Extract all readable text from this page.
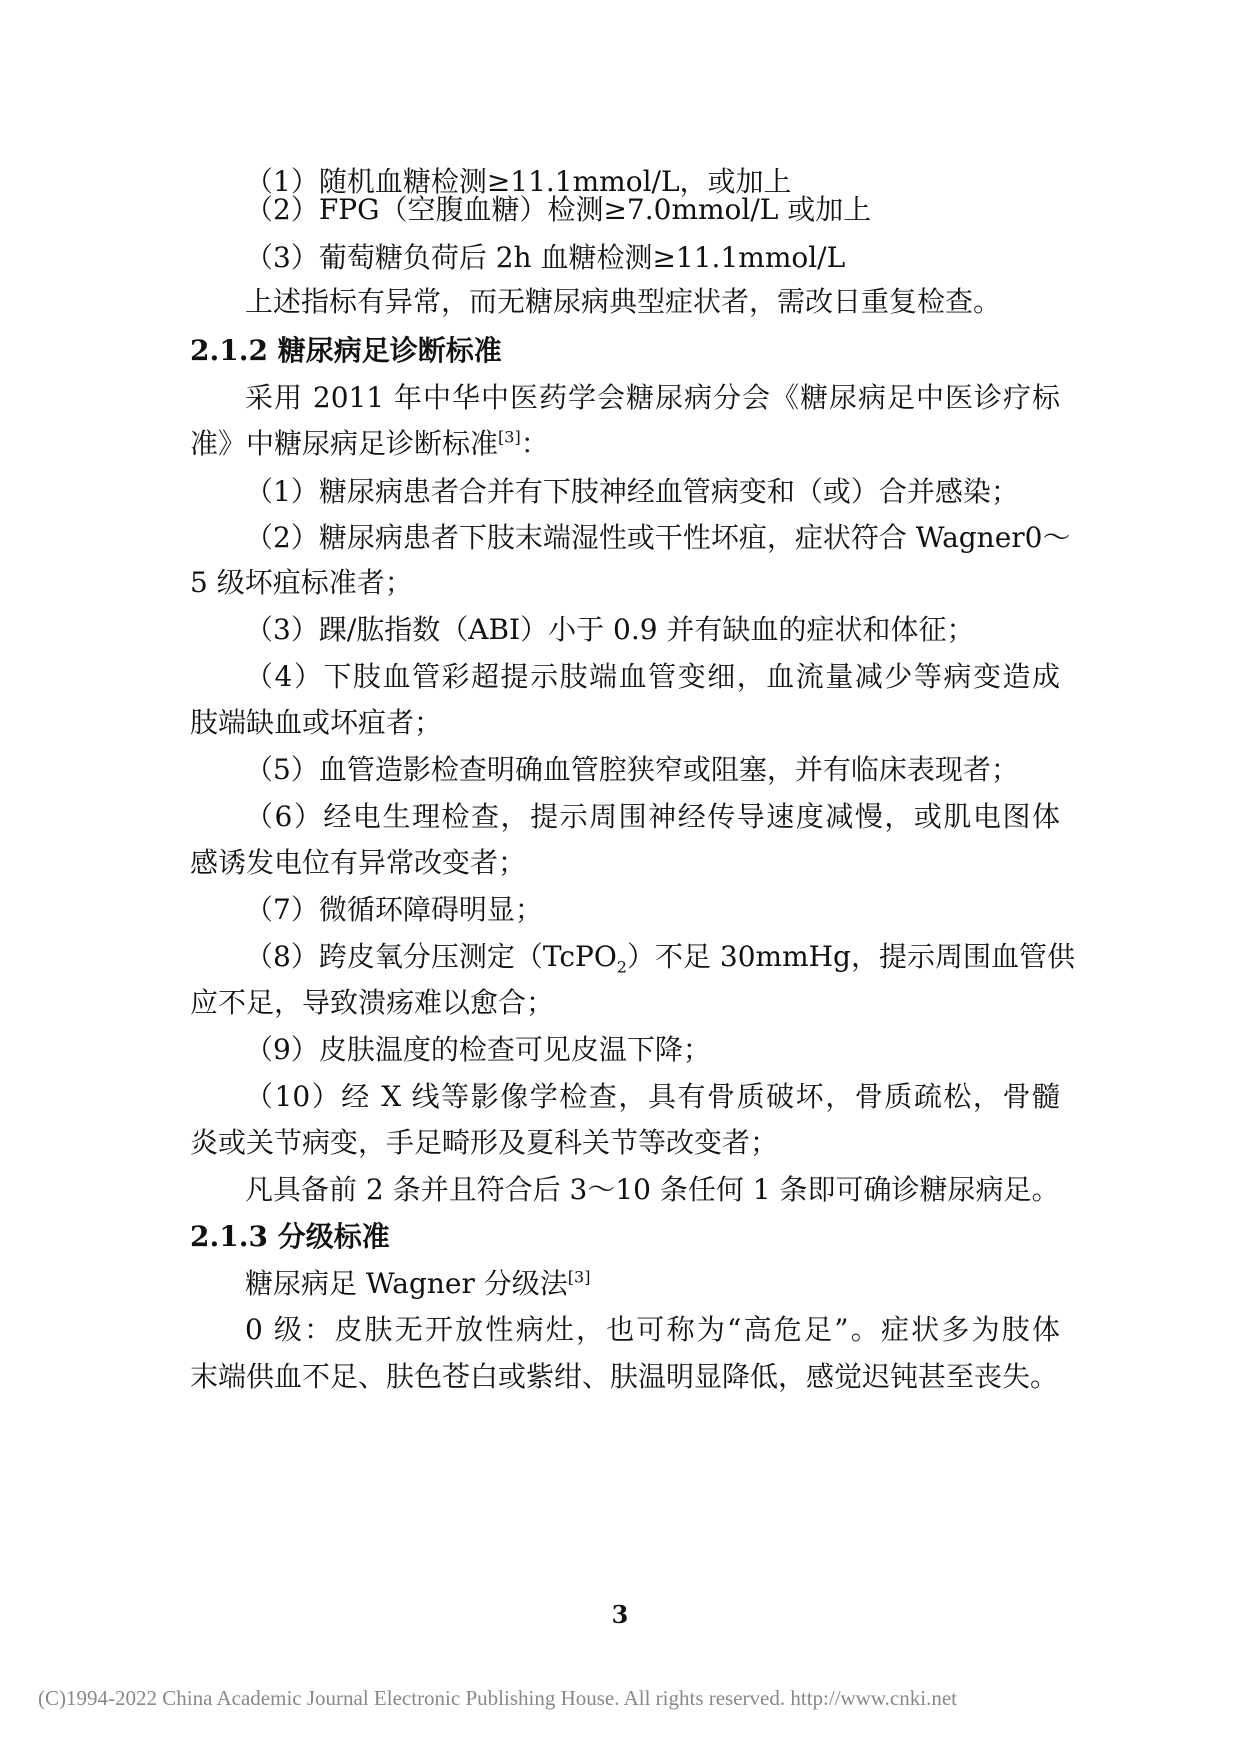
（1）随机血糖检测≥11.1mmol/L，或加上
（2）FPG（空腹血糖）检测≥7.0mmol/L 或加上
（3）葡萄糖负荷后 2h 血糖检测≥11.1mmol/L
上述指标有异常，而无糖尿病典型症状者，需改日重复检查。
2.1.2 糖尿病足诊断标准
采用 2011 年中华中医药学会糖尿病分会《糖尿病足中医诊疗标
准》中糖尿病足诊断标准[3]：
（1）糖尿病患者合并有下肢神经血管病变和（或）合并感染；
（2）糖尿病患者下肢末端湿性或干性坏疽，症状符合 Wagner0～
5 级坏疽标准者；
（3）踝/肱指数（ABI）小于 0.9 并有缺血的症状和体征；
（4）下肢血管彩超提示肢端血管变细，血流量减少等病变造成
肢端缺血或坏疽者；
（5）血管造影检查明确血管腔狭窄或阻塞，并有临床表现者；
（6）经电生理检查，提示周围神经传导速度减慢，或肌电图体
感诱发电位有异常改变者；
（7）微循环障碍明显；
（8）跨皮氧分压测定（TcPO$_2$）不足 30mmHg，提示周围血管供
应不足，导致溃疡难以愈合；
（9）皮肤温度的检查可见皮温下降；
（10）经 X 线等影像学检查，具有骨质破坏，骨质疏松，骨髓
炎或关节病变，手足畸形及夏科关节等改变者；
凡具备前 2 条并且符合后 3～10 条任何 1 条即可确诊糖尿病足。
2.1.3 分级标准
糖尿病足 Wagner 分级法[3]
0 级：皮肤无开放性病灶，也可称为“高危足”。症状多为肢体
末端供血不足、肤色苍白或紫绀、肤温明显降低，感觉迟钝甚至丧失。
3
(C)1994-2022 China Academic Journal Electronic Publishing House. All rights reserved. http://www.cnki.net
